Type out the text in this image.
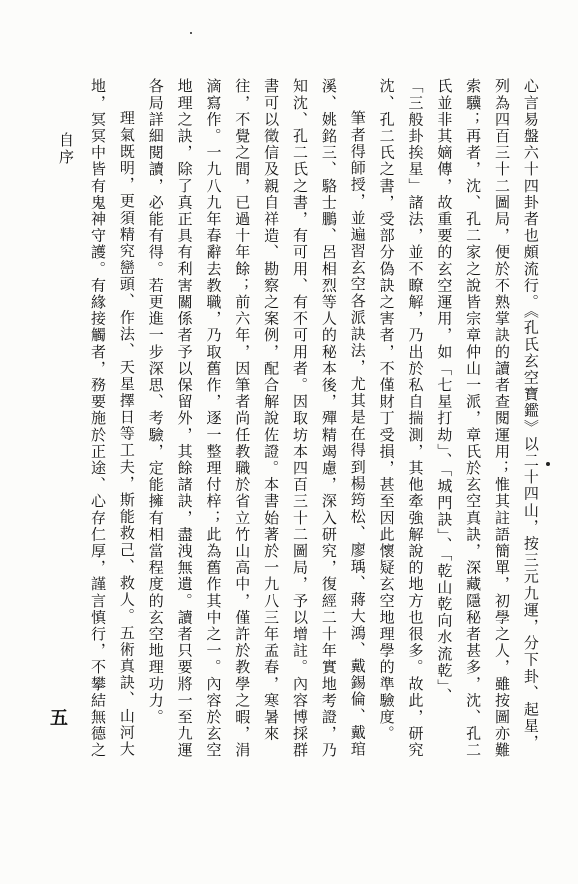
自序	心言易盤六十四卦者也頗流行。《孔氏玄空寶鑑》以二十四山，按三元九運，分下卦、起星，
列為四百三十二圖局，便於不熟掌訣的讀者查閱運用；惟其註語簡單，初學之人，雖按圖亦難
索驥；再者，沈、孔二家之說皆宗章仲山一派，章氏於玄空真訣，深藏隱秘者甚多，沈、孔二
氏並非其嫡傳，故重要的玄空運用，如「七星打劫」、「城門訣」、「乾山乾向水流乾」、
「三般卦挨星」諸法，並不瞭解，乃出於私自揣測，其他牽強解說的地方也很多。故此，研究
沈、孔二氏之書，受部分偽訣之害者，不僅財丁受損，甚至因此懷疑玄空地理學的準驗度。
筆者得師授，並遍習玄空各派訣法，尤其是在得到楊筠松、廖瑀、蔣大鴻、戴錫倫、戴琯
溪、姚銘三、駱士鵬、呂相烈等人的秘本後，殫精竭慮，深入研究，復經二十年實地考證，乃
知沈、孔二氏之書，有可用、有不可用者。因取坊本四百三十二圖局，予以增註。內容博採群
書可以徵信及親自祥造、勘察之案例，配合解說佐證。本書始著於一九八三年孟春，寒暑來
往，不覺之間，已過十年餘；前六年，因筆者尚任教職於省立竹山高中，僅許於教學之暇，涓
滴寫作。一九八九年春辭去教職，乃取舊作，逐一整理付梓；此為舊作其中之一。內容於玄空
地理之訣，除了真正具有利害關係者予以保留外，其餘諸訣，盡洩無遺。讀者只要將一至九運
各局詳細閱讀，必能有得。若更進一步深思、考驗，定能擁有相當程度的玄空地理功力。
理氣既明，更須精究巒頭、作法、天星擇日等工夫，斯能救己、救人。五術真訣、山河大
地，冥冥中皆有鬼神守護。有緣接觸者，務要施於正途、心存仁厚，謹言慎行，不攀結無德之
五
